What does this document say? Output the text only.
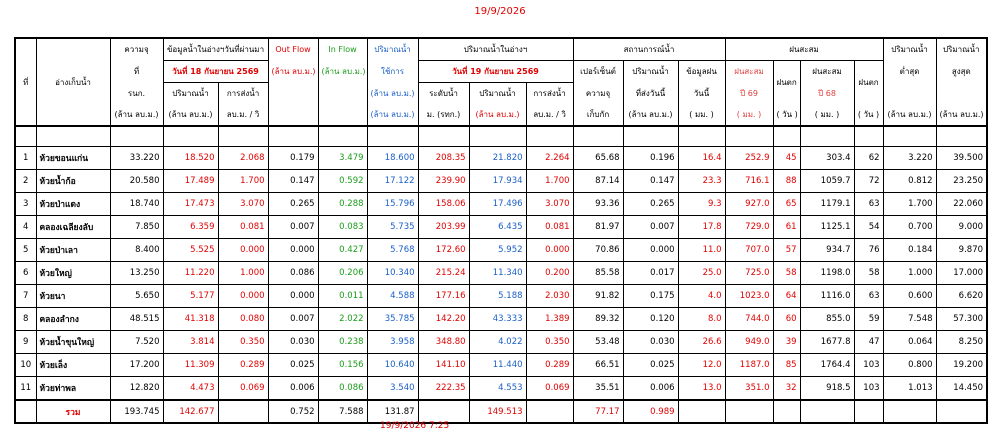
19/9/2026
ที่	อ่างเก็บน้ำ	ความจุ	ข้อมูลน้ำในอ่างฯวันที่ผ่านมา		Out Flow	In Flow	ปริมาณน้ำ	ปริมาณน้ำในอ่างฯ			สถานการณ์น้ำ			ฝนสะสม				ปริมาณน้ำ	ปริมาณน้ำ
		ที่	วันที่ 18 กันยายน 2569		(ล้าน ลบ.ม.)	(ล้าน ลบ.ม.)	ใช้การ	วันที่ 19 กันยายน 2569			เปอร์เซ็นต์	ปริมาณน้ำ	ข้อมูลฝน	ฝนสะสม	ฝนตก	ฝนสะสม	ฝนตก	ต่ำสุด	สูงสุด
		รนก.	ปริมาณน้ำ	การส่งน้ำ			(ล้าน ลบ.ม.)	ระดับน้ำ	ปริมาณน้ำ	การส่งน้ำ	ความจุ	ที่ส่งวันนี้	วันนี้	ปี 69		ปี 68			
		(ล้าน ลบ.ม.)	(ล้าน ลบ.ม.)	ลบ.ม. / วิ			(ล้าน ลบ.ม.)	ม. (รทก.)	(ล้าน ลบ.ม.)	ลบ.ม. / วิ	เก็บกัก	(ล้าน ลบ.ม.)	( มม. )	( มม. )	( วัน )	( มม. )	( วัน )	(ล้าน ลบ.ม.)	(ล้าน ลบ.ม.)

1	ห้วยขอนแก่น	33.220	18.520	2.068	0.179	3.479	18.600	208.35	21.820	2.264	65.68	0.196	16.4	252.9	45	303.4	62	3.220	39.500
2	ห้วยน้ำก้อ	20.580	17.489	1.700	0.147	0.592	17.122	239.90	17.934	1.700	87.14	0.147	23.3	716.1	88	1059.7	72	0.812	23.250
3	ห้วยป่าแดง	18.740	17.473	3.070	0.265	0.288	15.796	158.06	17.496	3.070	93.36	0.265	9.3	927.0	65	1179.1	63	1.700	22.060
4	คลองเฉลียงลับ	7.850	6.359	0.081	0.007	0.083	5.735	203.99	6.435	0.081	81.97	0.007	17.8	729.0	61	1125.1	54	0.700	9.000
5	ห้วยป่าเลา	8.400	5.525	0.000	0.000	0.427	5.768	172.60	5.952	0.000	70.86	0.000	11.0	707.0	57	934.7	76	0.184	9.870
6	ห้วยใหญ่	13.250	11.220	1.000	0.086	0.206	10.340	215.24	11.340	0.200	85.58	0.017	25.0	725.0	58	1198.0	58	1.000	17.000
7	ห้วยนา	5.650	5.177	0.000	0.000	0.011	4.588	177.16	5.188	2.030	91.82	0.175	4.0	1023.0	64	1116.0	63	0.600	6.620
8	คลองลำกง	48.515	41.318	0.080	0.007	2.022	35.785	142.20	43.333	1.389	89.32	0.120	8.0	744.0	60	855.0	59	7.548	57.300
9	ห้วยน้ำขุนใหญ่	7.520	3.814	0.350	0.030	0.238	3.958	348.80	4.022	0.350	53.48	0.030	26.6	949.0	39	1677.8	47	0.064	8.250
10	ห้วยเล็ง	17.200	11.309	0.289	0.025	0.156	10.640	141.10	11.440	0.289	66.51	0.025	12.0	1187.0	85	1764.4	103	0.800	19.200
11	ห้วยท่าพล	12.820	4.473	0.069	0.006	0.086	3.540	222.35	4.553	0.069	35.51	0.006	13.0	351.0	32	918.5	103	1.013	14.450
	รวม	193.745	142.677		0.752	7.588	131.87		149.513		77.17	0.989							
19/9/2026 7:25
